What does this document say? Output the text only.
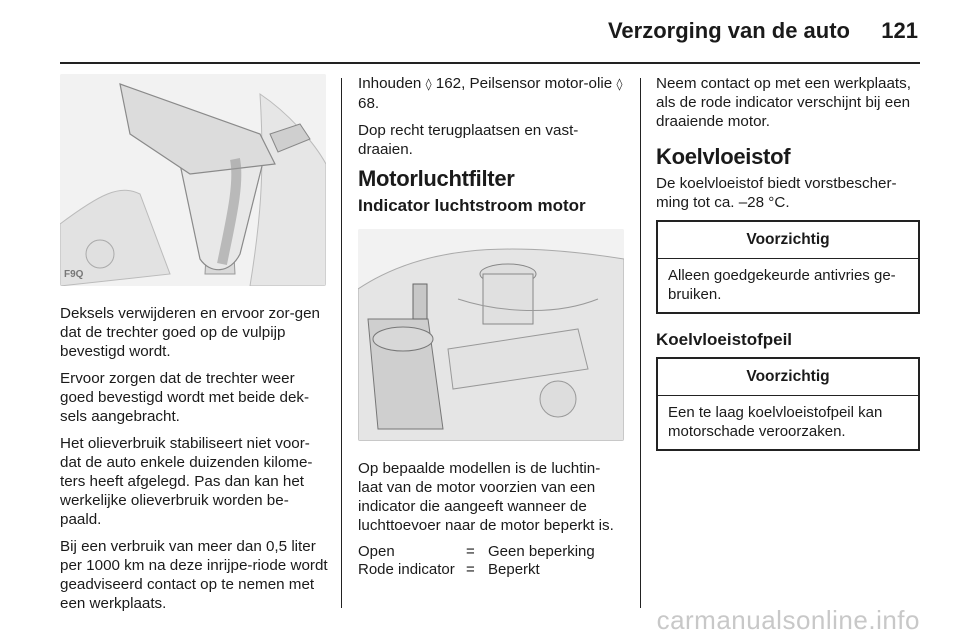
Verzorging van de auto 121
F9Q

Deksels verwijderen en ervoor zor-gen dat de trechter goed op de vulpijp bevestigd wordt.

Ervoor zorgen dat de trechter weer goed bevestigd wordt met beide dek-sels aangebracht.

Het olieverbruik stabiliseert niet voor-dat de auto enkele duizenden kilome-ters heeft afgelegd. Pas dan kan het werkelijke olieverbruik worden be-paald.

Bij een verbruik van meer dan 0,5 liter per 1000 km na deze inrijpe-riode wordt geadviseerd contact op te nemen met een werkplaats.

Inhouden ◊ 162, Peilsensor motor-olie ◊ 68.

Dop recht terugplaatsen en vast-draaien.

Motorluchtfilter
Indicator luchtstroom motor

Op bepaalde modellen is de luchtin-laat van de motor voorzien van een indicator die aangeeft wanneer de luchttoevoer naar de motor beperkt is.

Open	=	Geen beperking
Rode indicator	=	Beperkt

Neem contact op met een werkplaats, als de rode indicator verschijnt bij een draaiende motor.

Koelvloeistof

De koelvloeistof biedt vorstbescher-ming tot ca. –28 °C.

Voorzichtig
Alleen goedgekeurde antivries ge-bruiken.
Koelvloeistofpeil
Voorzichtig
Een te laag koelvloeistofpeil kan motorschade veroorzaken.
carmanualsonline.info
